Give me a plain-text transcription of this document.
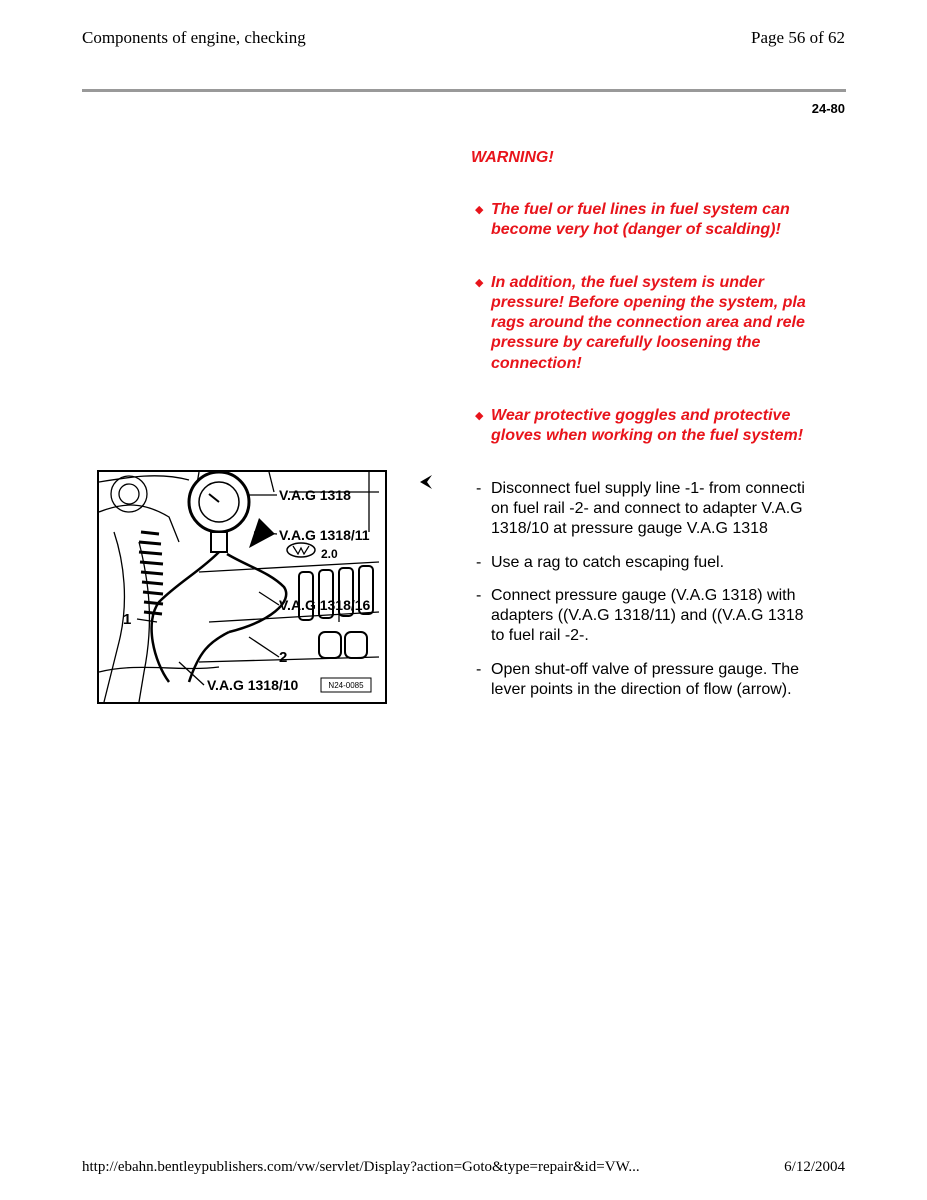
Components of engine, checking	Page 56 of 62
24-80
WARNING!
◆ The fuel or fuel lines in fuel system can
become very hot (danger of scalding)!
◆ In addition, the fuel system is under
pressure! Before opening the system, pla
rags around the connection area and rele
pressure by carefully loosening the
connection!
◆ Wear protective goggles and protective
gloves when working on the fuel system!
- Disconnect fuel supply line -1- from connecti
on fuel rail -2- and connect to adapter V.A.G
1318/10 at pressure gauge V.A.G 1318
- Use a rag to catch escaping fuel.
- Connect pressure gauge (V.A.G 1318) with
adapters ((V.A.G 1318/11) and ((V.A.G 1318
to fuel rail -2-.
- Open shut-off valve of pressure gauge. The
lever points in the direction of flow (arrow).
V.A.G 1318
V.A.G 1318/11
2.0
V.A.G 1318/16
1
2
V.A.G 1318/10	N24-0085
http://ebahn.bentleypublishers.com/vw/servlet/Display?action=Goto&type=repair&id=VW...	6/12/2004
